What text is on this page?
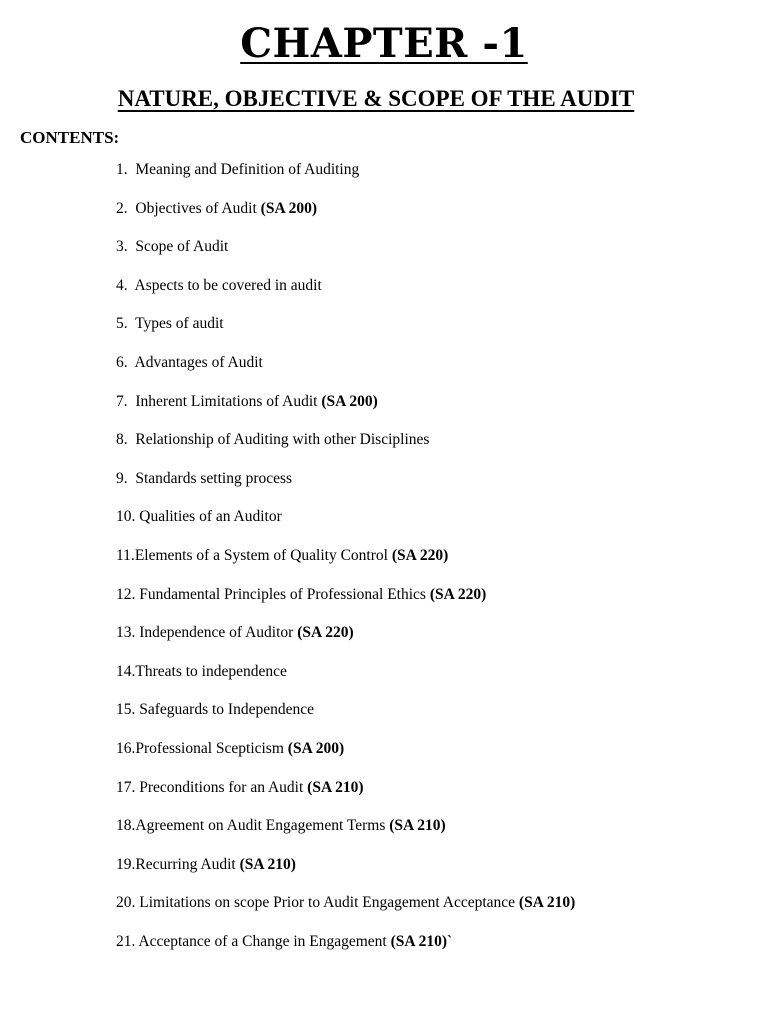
CHAPTER -1
NATURE, OBJECTIVE & SCOPE OF THE AUDIT
CONTENTS:
1. Meaning and Definition of Auditing
2. Objectives of Audit (SA 200)
3. Scope of Audit
4. Aspects to be covered in audit
5. Types of audit
6. Advantages of Audit
7. Inherent Limitations of Audit (SA 200)
8. Relationship of Auditing with other Disciplines
9. Standards setting process
10. Qualities of an Auditor
11.Elements of a System of Quality Control (SA 220)
12. Fundamental Principles of Professional Ethics (SA 220)
13. Independence of Auditor (SA 220)
14.Threats to independence
15. Safeguards to Independence
16.Professional Scepticism (SA 200)
17. Preconditions for an Audit (SA 210)
18.Agreement on Audit Engagement Terms (SA 210)
19.Recurring Audit (SA 210)
20. Limitations on scope Prior to Audit Engagement Acceptance (SA 210)
21. Acceptance of a Change in Engagement (SA 210)`
